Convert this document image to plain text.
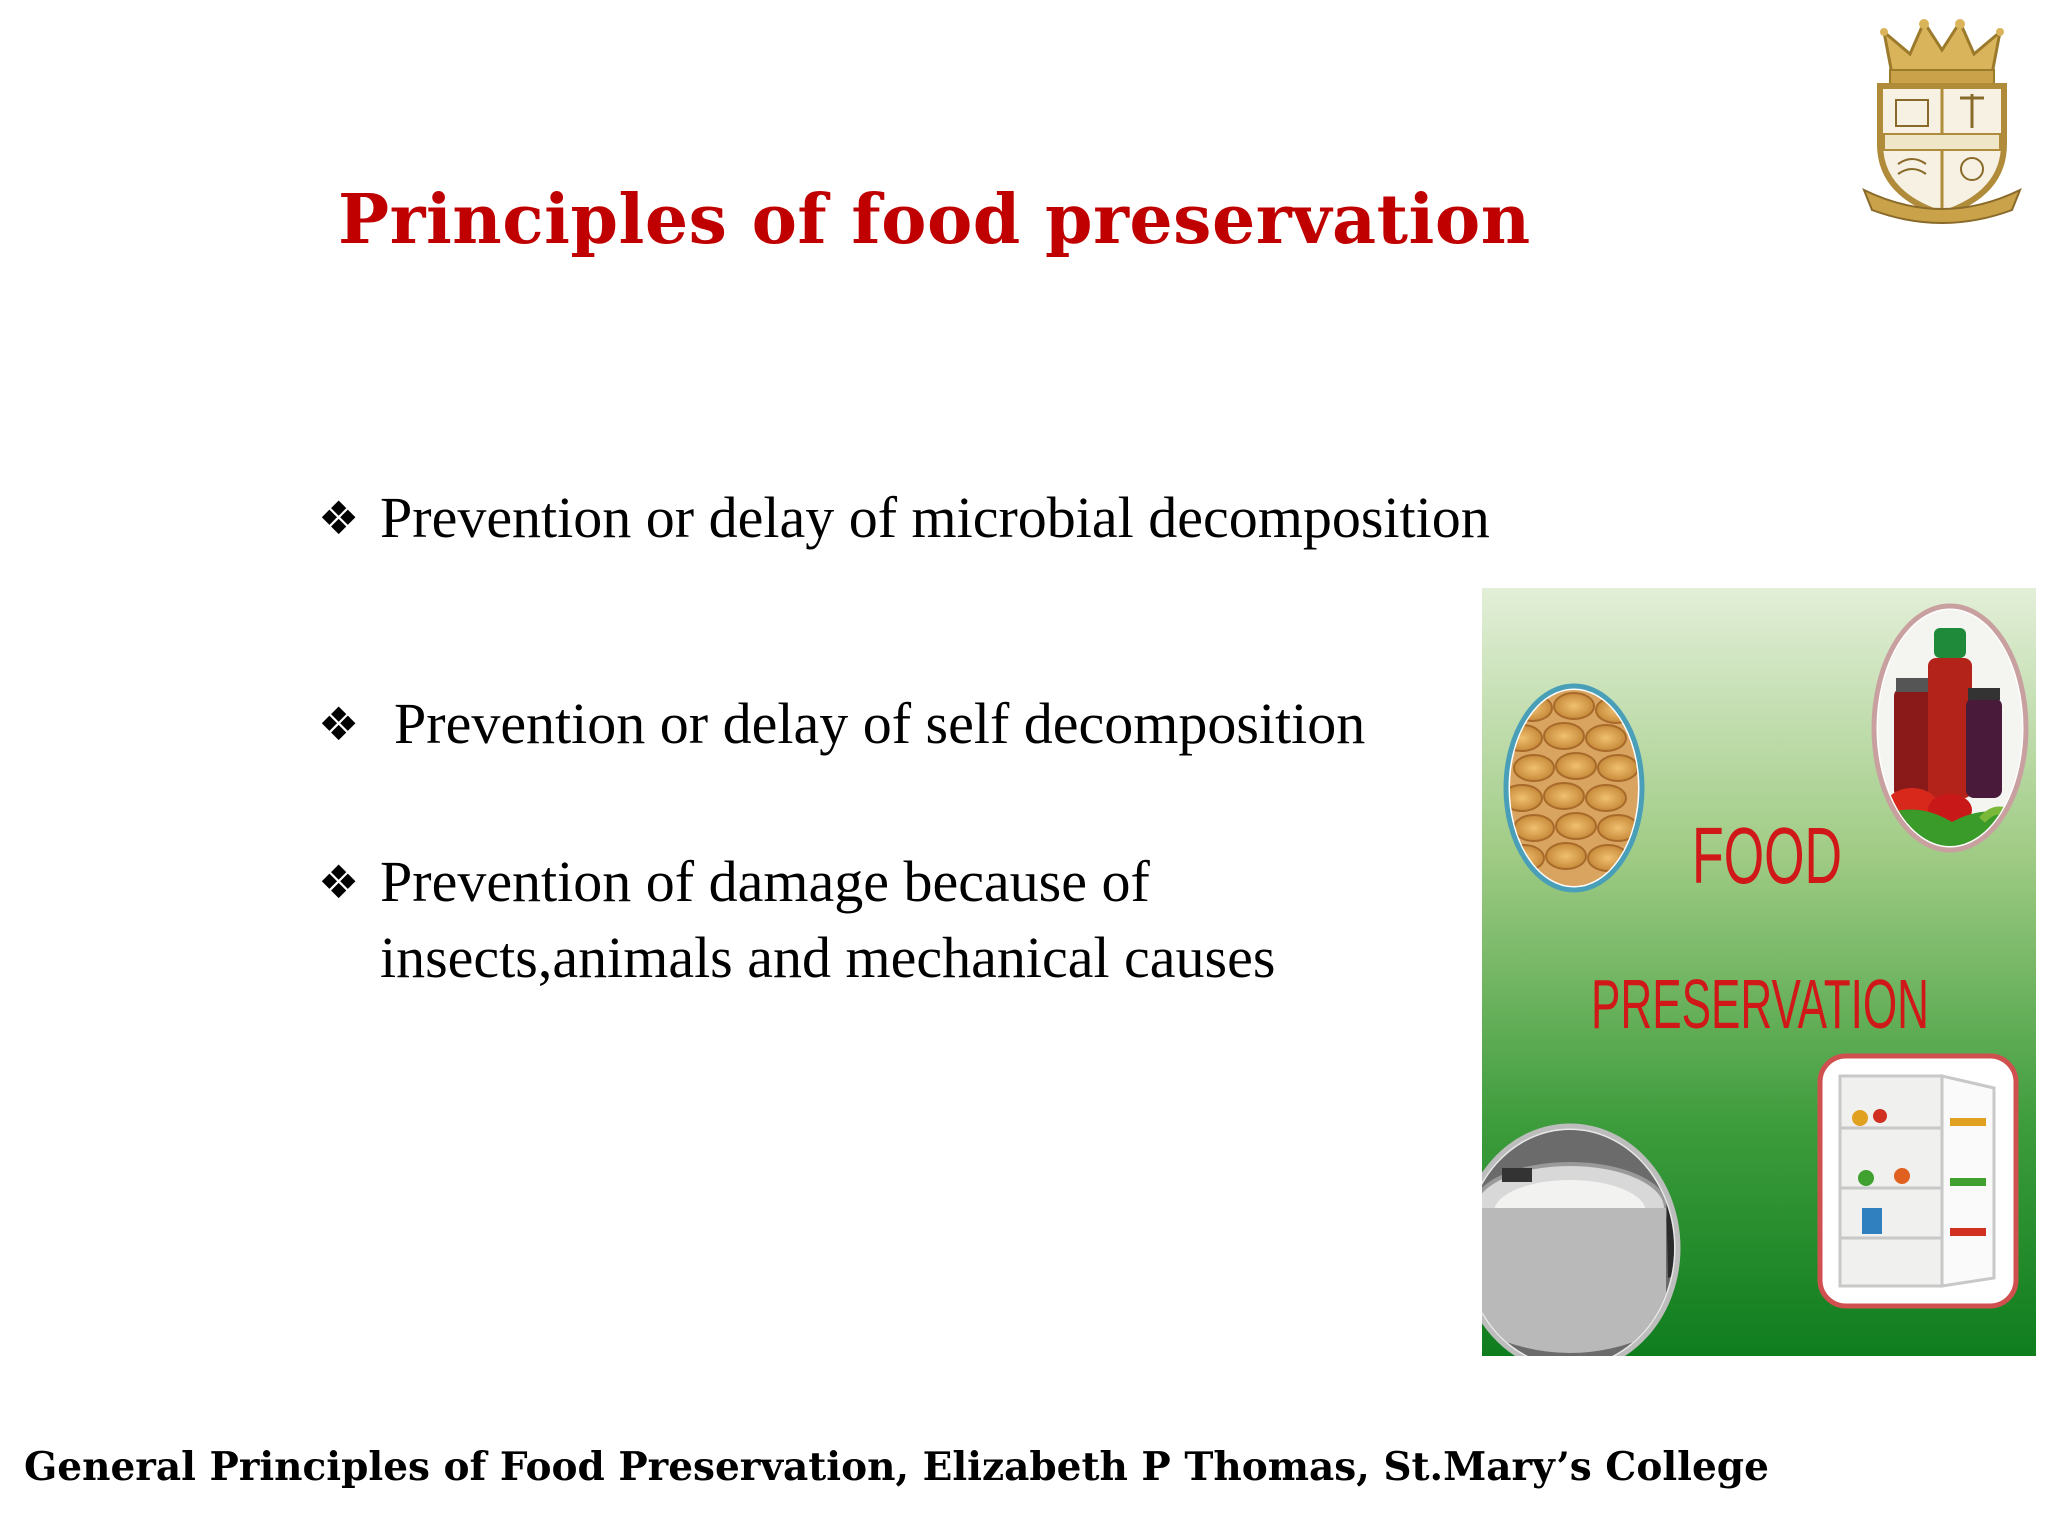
Principles of food preservation
❖ Prevention or delay of microbial decomposition
❖ Prevention or delay of self decomposition
❖ Prevention of damage because of insects,animals and mechanical causes
FOOD
PRESERVATION
General Principles of Food Preservation, Elizabeth P Thomas, St.Mary’s College
